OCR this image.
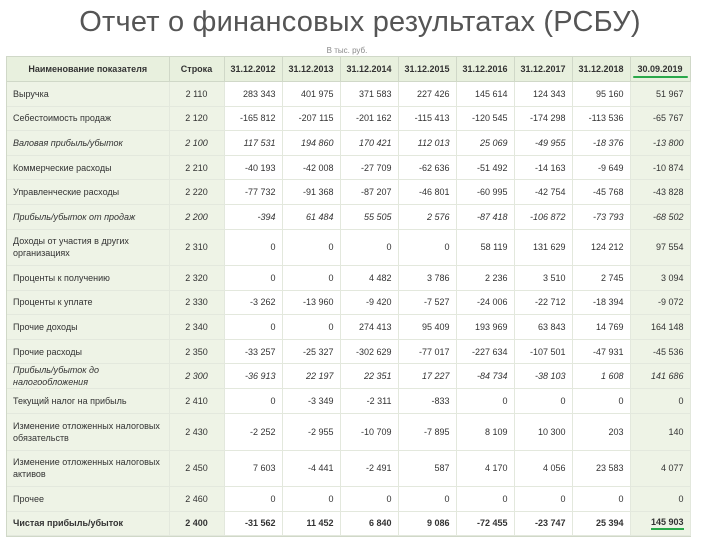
Отчет о финансовых результатах (РСБУ)
В тыс. руб.
Наименование показателя	Строка	31.12.2012	31.12.2013	31.12.2014	31.12.2015	31.12.2016	31.12.2017	31.12.2018	30.09.2019

Выручка	2 110	283 343	401 975	371 583	227 426	145 614	124 343	95 160	51 967
Себестоимость продаж	2 120	-165 812	-207 115	-201 162	-115 413	-120 545	-174 298	-113 536	-65 767
Валовая прибыль/убыток	2 100	117 531	194 860	170 421	112 013	25 069	-49 955	-18 376	-13 800
Коммерческие расходы	2 210	-40 193	-42 008	-27 709	-62 636	-51 492	-14 163	-9 649	-10 874
Управленческие расходы	2 220	-77 732	-91 368	-87 207	-46 801	-60 995	-42 754	-45 768	-43 828
Прибыль/убыток от продаж	2 200	-394	61 484	55 505	2 576	-87 418	-106 872	-73 793	-68 502
Доходы от участия в других организациях	2 310	0	0	0	0	58 119	131 629	124 212	97 554
Проценты к получению	2 320	0	0	4 482	3 786	2 236	3 510	2 745	3 094
Проценты к уплате	2 330	-3 262	-13 960	-9 420	-7 527	-24 006	-22 712	-18 394	-9 072
Прочие доходы	2 340	0	0	274 413	95 409	193 969	63 843	14 769	164 148
Прочие расходы	2 350	-33 257	-25 327	-302 629	-77 017	-227 634	-107 501	-47 931	-45 536
Прибыль/убыток до налогообложения	2 300	-36 913	22 197	22 351	17 227	-84 734	-38 103	1 608	141 686
Текущий налог на прибыль	2 410	0	-3 349	-2 311	-833	0	0	0	0
Изменение отложенных налоговых обязательств	2 430	-2 252	-2 955	-10 709	-7 895	8 109	10 300	203	140
Изменение отложенных налоговых активов	2 450	7 603	-4 441	-2 491	587	4 170	4 056	23 583	4 077
Прочее	2 460	0	0	0	0	0	0	0	0
Чистая прибыль/убыток	2 400	-31 562	11 452	6 840	9 086	-72 455	-23 747	25 394	145 903
